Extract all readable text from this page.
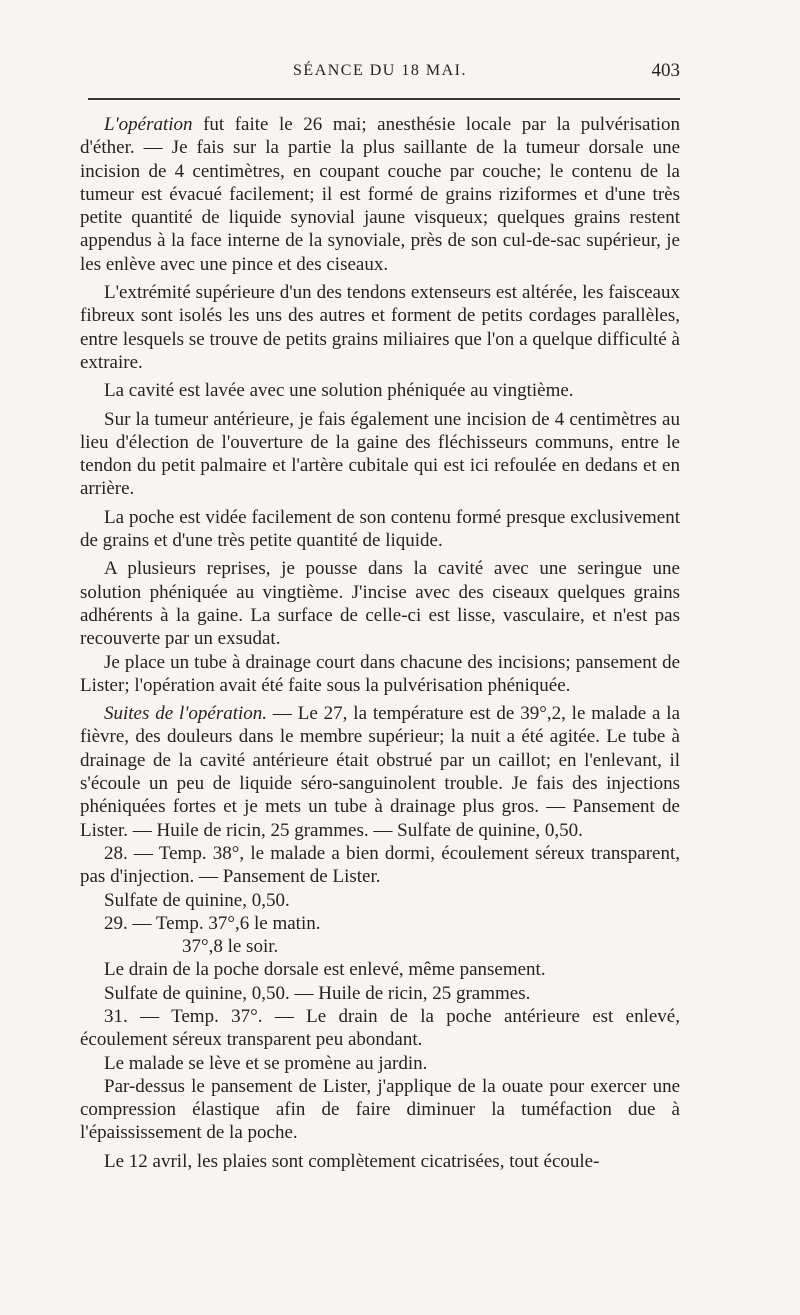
SÉANCE DU 18 MAI.	403

L'opération fut faite le 26 mai; anesthésie locale par la pulvérisation d'éther. — Je fais sur la partie la plus saillante de la tumeur dorsale une incision de 4 centimètres, en coupant couche par couche; le contenu de la tumeur est évacué facilement; il est formé de grains riziformes et d'une très petite quantité de liquide synovial jaune visqueux; quelques grains restent appendus à la face interne de la synoviale, près de son cul-de-sac supérieur, je les enlève avec une pince et des ciseaux.

L'extrémité supérieure d'un des tendons extenseurs est altérée, les faisceaux fibreux sont isolés les uns des autres et forment de petits cordages parallèles, entre lesquels se trouve de petits grains miliaires que l'on a quelque difficulté à extraire.

La cavité est lavée avec une solution phéniquée au vingtième.

Sur la tumeur antérieure, je fais également une incision de 4 centimètres au lieu d'élection de l'ouverture de la gaine des fléchisseurs communs, entre le tendon du petit palmaire et l'artère cubitale qui est ici refoulée en dedans et en arrière.

La poche est vidée facilement de son contenu formé presque exclusivement de grains et d'une très petite quantité de liquide.

A plusieurs reprises, je pousse dans la cavité avec une seringue une solution phéniquée au vingtième. J'incise avec des ciseaux quelques grains adhérents à la gaine. La surface de celle-ci est lisse, vasculaire, et n'est pas recouverte par un exsudat.

Je place un tube à drainage court dans chacune des incisions; pansement de Lister; l'opération avait été faite sous la pulvérisation phéniquée.

Suites de l'opération. — Le 27, la température est de 39°,2, le malade a la fièvre, des douleurs dans le membre supérieur; la nuit a été agitée. Le tube à drainage de la cavité antérieure était obstrué par un caillot; en l'enlevant, il s'écoule un peu de liquide séro-sanguinolent trouble. Je fais des injections phéniquées fortes et je mets un tube à drainage plus gros. — Pansement de Lister. — Huile de ricin, 25 grammes. — Sulfate de quinine, 0,50.

28. — Temp. 38°, le malade a bien dormi, écoulement séreux transparent, pas d'injection. — Pansement de Lister.

Sulfate de quinine, 0,50.

29. — Temp. 37°,6 le matin.

37°,8 le soir.

Le drain de la poche dorsale est enlevé, même pansement.

Sulfate de quinine, 0,50. — Huile de ricin, 25 grammes.

31. — Temp. 37°. — Le drain de la poche antérieure est enlevé, écoulement séreux transparent peu abondant.

Le malade se lève et se promène au jardin.

Par-dessus le pansement de Lister, j'applique de la ouate pour exercer une compression élastique afin de faire diminuer la tuméfaction due à l'épaississement de la poche.

Le 12 avril, les plaies sont complètement cicatrisées, tout écoule-
